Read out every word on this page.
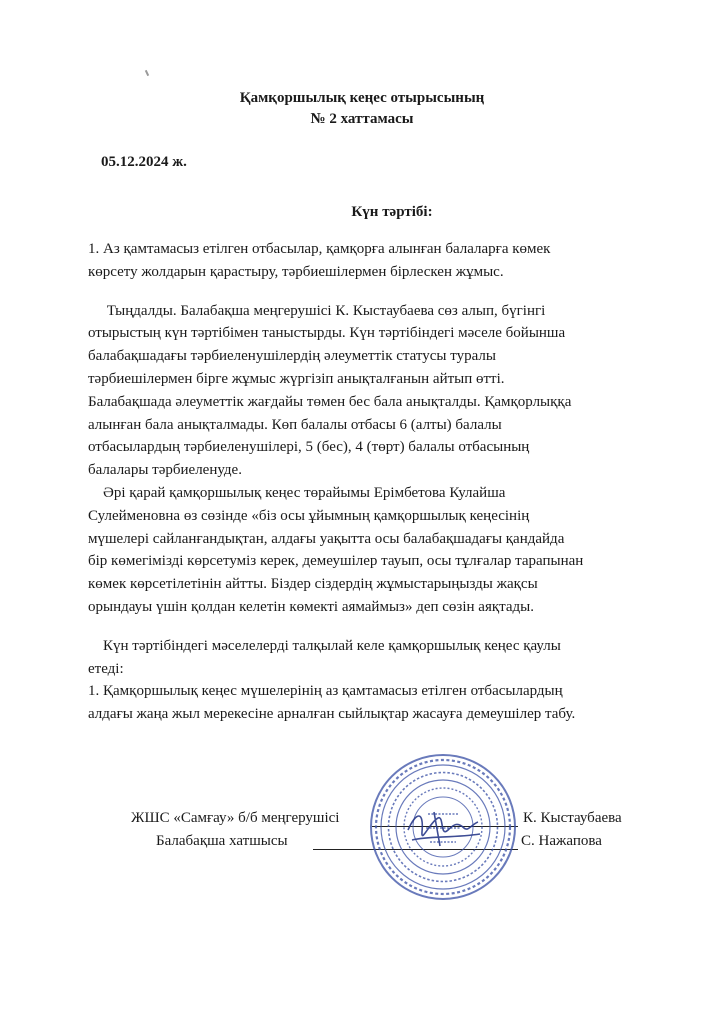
Қамқоршылық кеңес отырысының
№ 2 хаттамасы
05.12.2024 ж.
Күн тәртібі:
1. Аз қамтамасыз етілген отбасылар, қамқорға алынған балаларға көмек
көрсету жолдарын қарастыру, тәрбиешілермен бірлескен жұмыс.
Тыңдалды. Балабақша меңгерушісі К. Кыстаубаева сөз алып, бүгінгі
отырыстың күн тәртібімен таныстырды. Күн тәртібіндегі мәселе бойынша
балабақшадағы тәрбиеленушілердің әлеуметтік статусы туралы
тәрбиешілермен бірге жұмыс жүргізіп анықталғанын айтып өтті.
Балабақшада әлеуметтік жағдайы төмен бес бала анықталды. Қамқорлыққа
алынған бала анықталмады. Көп балалы отбасы 6 (алты) балалы
отбасылардың тәрбиеленушілері, 5 (бес), 4 (төрт) балалы отбасының
балалары тәрбиеленуде.
Әрі қарай қамқоршылық кеңес төрайымы Ерімбетова Кулайша
Сулейменовна өз сөзінде «біз осы ұйымның қамқоршылық кеңесінің
мүшелері сайланғандықтан, алдағы уақытта осы балабақшадағы қандайда
бір көмегімізді көрсетуміз керек, демеушілер тауып, осы тұлғалар тарапынан
көмек көрсетілетінін айтты. Біздер сіздердің жұмыстарыңызды жақсы
орындауы үшін қолдан келетін көмекті аямаймыз» деп сөзін аяқтады.
Күн тәртібіндегі мәселелерді талқылай келе қамқоршылық кеңес қаулы
етеді:
1. Қамқоршылық кеңес мүшелерінің аз қамтамасыз етілген отбасылардың
алдағы жаңа жыл мерекесіне арналған сыйлықтар жасауға демеушілер табу.
ЖШС «Самғау» б/б меңгерушісі	К. Кыстаубаева
Балабақша хатшысы	С. Нажапова
